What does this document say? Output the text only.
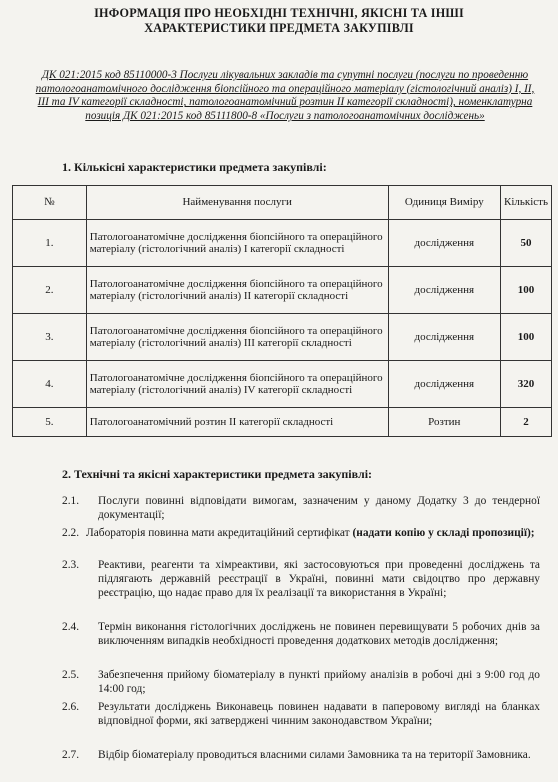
ІНФОРМАЦІЯ ПРО НЕОБХІДНІ ТЕХНІЧНІ, ЯКІСНІ ТА ІНШІ ХАРАКТЕРИСТИКИ ПРЕДМЕТА ЗАКУПІВЛІ
ДК 021:2015 код 85110000-3 Послуги лікувальних закладів та супутні послуги (послуги по проведенню патологоанатомічного дослідження біопсійного та операційного матеріалу (гістологічний аналіз) I, II, III та IV категорії складності, патологоанатомічний розтин II категорії складності), номенклатурна позиція ДК 021:2015 код 85111800-8 «Послуги з патологоанатомічних досліджень»
1. Кількісні характеристики предмета закупівлі:
№	Найменування послуги	Одиниця Виміру	Кількість
1.	Патологоанатомічне дослідження біопсійного та операційного матеріалу (гістологічний аналіз) I категорії складності	дослідження	50
2.	Патологоанатомічне дослідження біопсійного та операційного матеріалу (гістологічний аналіз) II категорії складності	дослідження	100
3.	Патологоанатомічне дослідження біопсійного та операційного матеріалу (гістологічний аналіз) III категорії складності	дослідження	100
4.	Патологоанатомічне дослідження біопсійного та операційного матеріалу (гістологічний аналіз) IV категорії складності	дослідження	320
5.	Патологоанатомічний розтин II категорії складності	Розтин	2
2. Технічні та якісні характеристики предмета закупівлі:
2.1. Послуги повинні відповідати вимогам, зазначеним у даному Додатку 3 до тендерної документації;
2.2. Лабораторія повинна мати акредитаційний сертифікат (надати копію у складі пропозиції);
2.3. Реактиви, реагенти та хімреактиви, які застосовуються при проведенні досліджень та підлягають державній реєстрації в Україні, повинні мати свідоцтво про державну реєстрацію, що надає право для їх реалізації та використання в Україні;
2.4. Термін виконання гістологічних досліджень не повинен перевищувати 5 робочих днів за виключенням випадків необхідності проведення додаткових методів дослідження;
2.5. Забезпечення прийому біоматеріалу в пункті прийому аналізів в робочі дні з 9:00 год до 14:00 год;
2.6. Результати досліджень Виконавець повинен надавати в паперовому вигляді на бланках відповідної форми, які затверджені чинним законодавством України;
2.7. Відбір біоматеріалу проводиться власними силами Замовника та на території Замовника.
